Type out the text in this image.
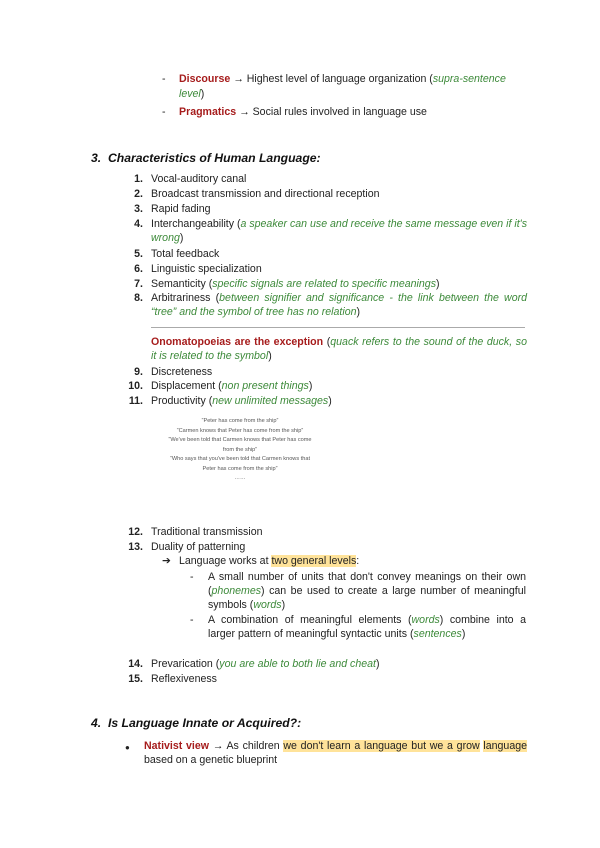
- Discourse → Highest level of language organization (supra-sentence
level)
- Pragmatics → Social rules involved in language use
3. Characteristics of Human Language:
1. Vocal-auditory canal
2. Broadcast transmission and directional reception
3. Rapid fading
4. Interchangeability (a speaker can use and receive the same message even if it's wrong)
5. Total feedback
6. Linguistic specialization
7. Semanticity (specific signals are related to specific meanings)
8. Arbitrariness (between signifier and significance - the link between the word “tree” and the symbol of tree has no relation)
Onomatopoeias are the exception (quack refers to the sound of the duck, so it is related to the symbol)
9. Discreteness
10. Displacement (non present things)
11. Productivity (new unlimited messages)
“Peter has come from the ship”
“Carmen knows that Peter has come from the ship”
“We've been told that Carmen knows that Peter has come
from the ship”
“Who says that you've been told that Carmen knows that
Peter has come from the ship”
……
12. Traditional transmission
13. Duality of patterning
➔ Language works at two general levels:
- A small number of units that don't convey meanings on their own (phonemes) can be used to create a large number of meaningful symbols (words)
- A combination of meaningful elements (words) combine into a larger pattern of meaningful syntactic units (sentences)
14. Prevarication (you are able to both lie and cheat)
15. Reflexiveness
4. Is Language Innate or Acquired?:
● Nativist view → As children we don't learn a language but we a grow language based on a genetic blueprint
